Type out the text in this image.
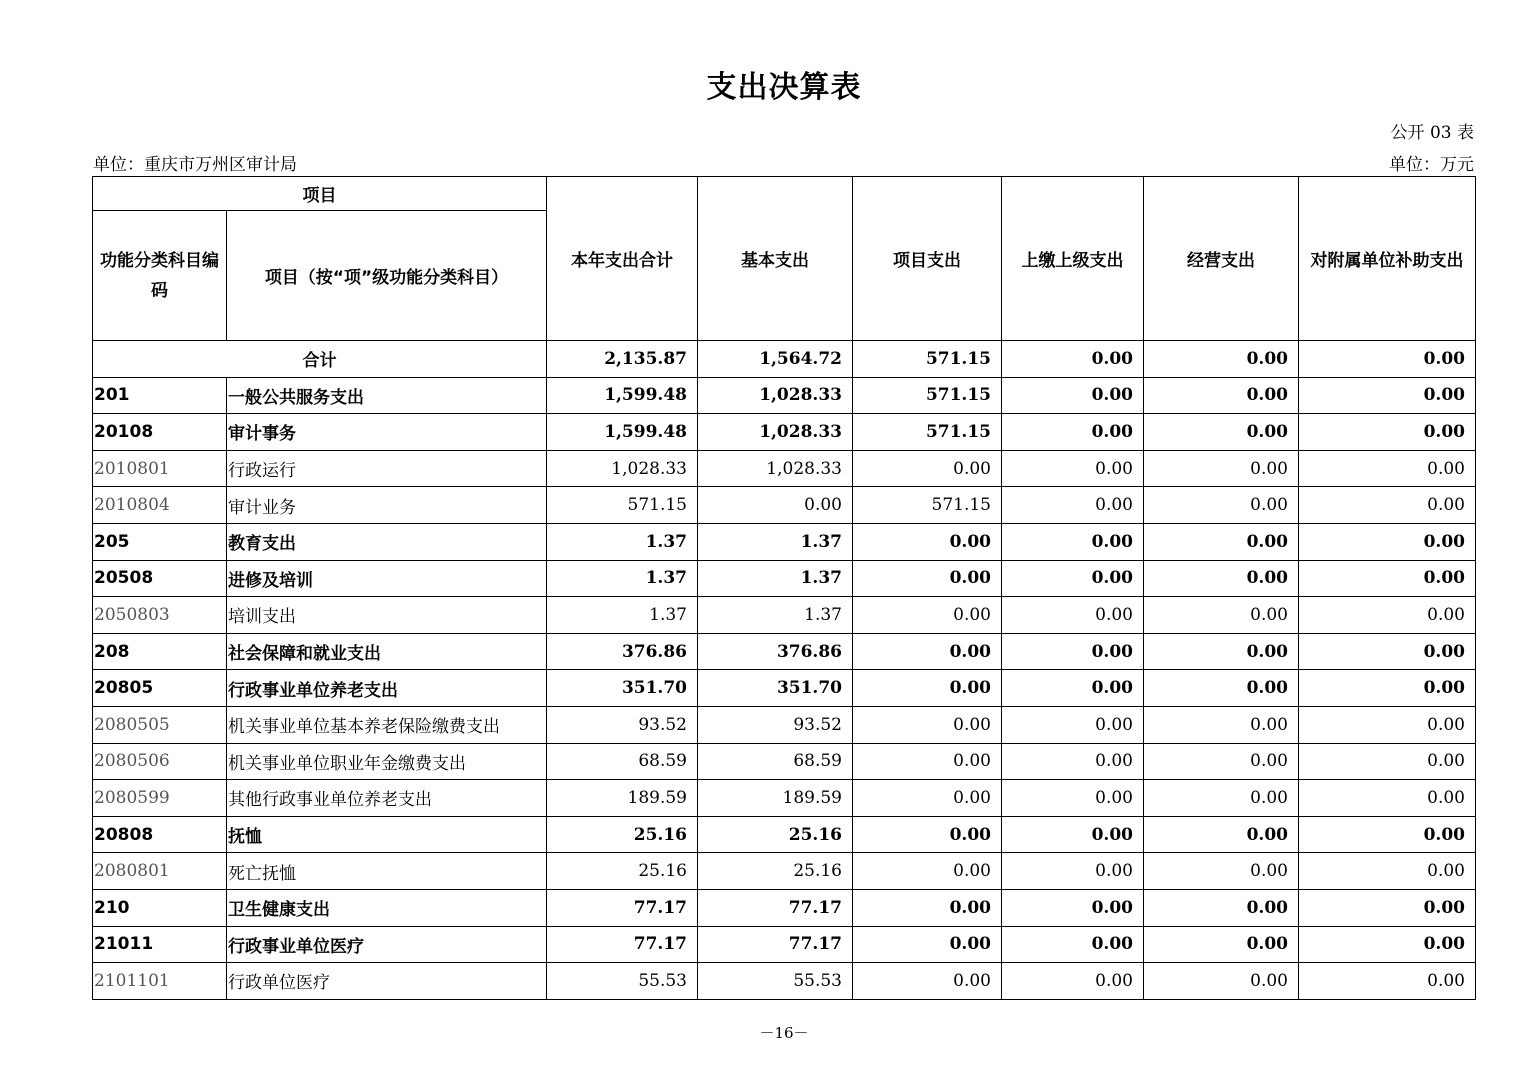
支出决算表
公开 03 表
单位：重庆市万州区审计局	单位：万元
项目		本年支出合计	基本支出	项目支出	上缴上级支出	经营支出	对附属单位补助支出
功能分类科目编码	项目（按“项”级功能分类科目）						
合计		2,135.87	1,564.72	571.15	0.00	0.00	0.00
201	一般公共服务支出	1,599.48	1,028.33	571.15	0.00	0.00	0.00
20108	审计事务	1,599.48	1,028.33	571.15	0.00	0.00	0.00
2010801	行政运行	1,028.33	1,028.33	0.00	0.00	0.00	0.00
2010804	审计业务	571.15	0.00	571.15	0.00	0.00	0.00
205	教育支出	1.37	1.37	0.00	0.00	0.00	0.00
20508	进修及培训	1.37	1.37	0.00	0.00	0.00	0.00
2050803	培训支出	1.37	1.37	0.00	0.00	0.00	0.00
208	社会保障和就业支出	376.86	376.86	0.00	0.00	0.00	0.00
20805	行政事业单位养老支出	351.70	351.70	0.00	0.00	0.00	0.00
2080505	机关事业单位基本养老保险缴费支出	93.52	93.52	0.00	0.00	0.00	0.00
2080506	机关事业单位职业年金缴费支出	68.59	68.59	0.00	0.00	0.00	0.00
2080599	其他行政事业单位养老支出	189.59	189.59	0.00	0.00	0.00	0.00
20808	抚恤	25.16	25.16	0.00	0.00	0.00	0.00
2080801	死亡抚恤	25.16	25.16	0.00	0.00	0.00	0.00
210	卫生健康支出	77.17	77.17	0.00	0.00	0.00	0.00
21011	行政事业单位医疗	77.17	77.17	0.00	0.00	0.00	0.00
2101101	行政单位医疗	55.53	55.53	0.00	0.00	0.00	0.00
－16－
